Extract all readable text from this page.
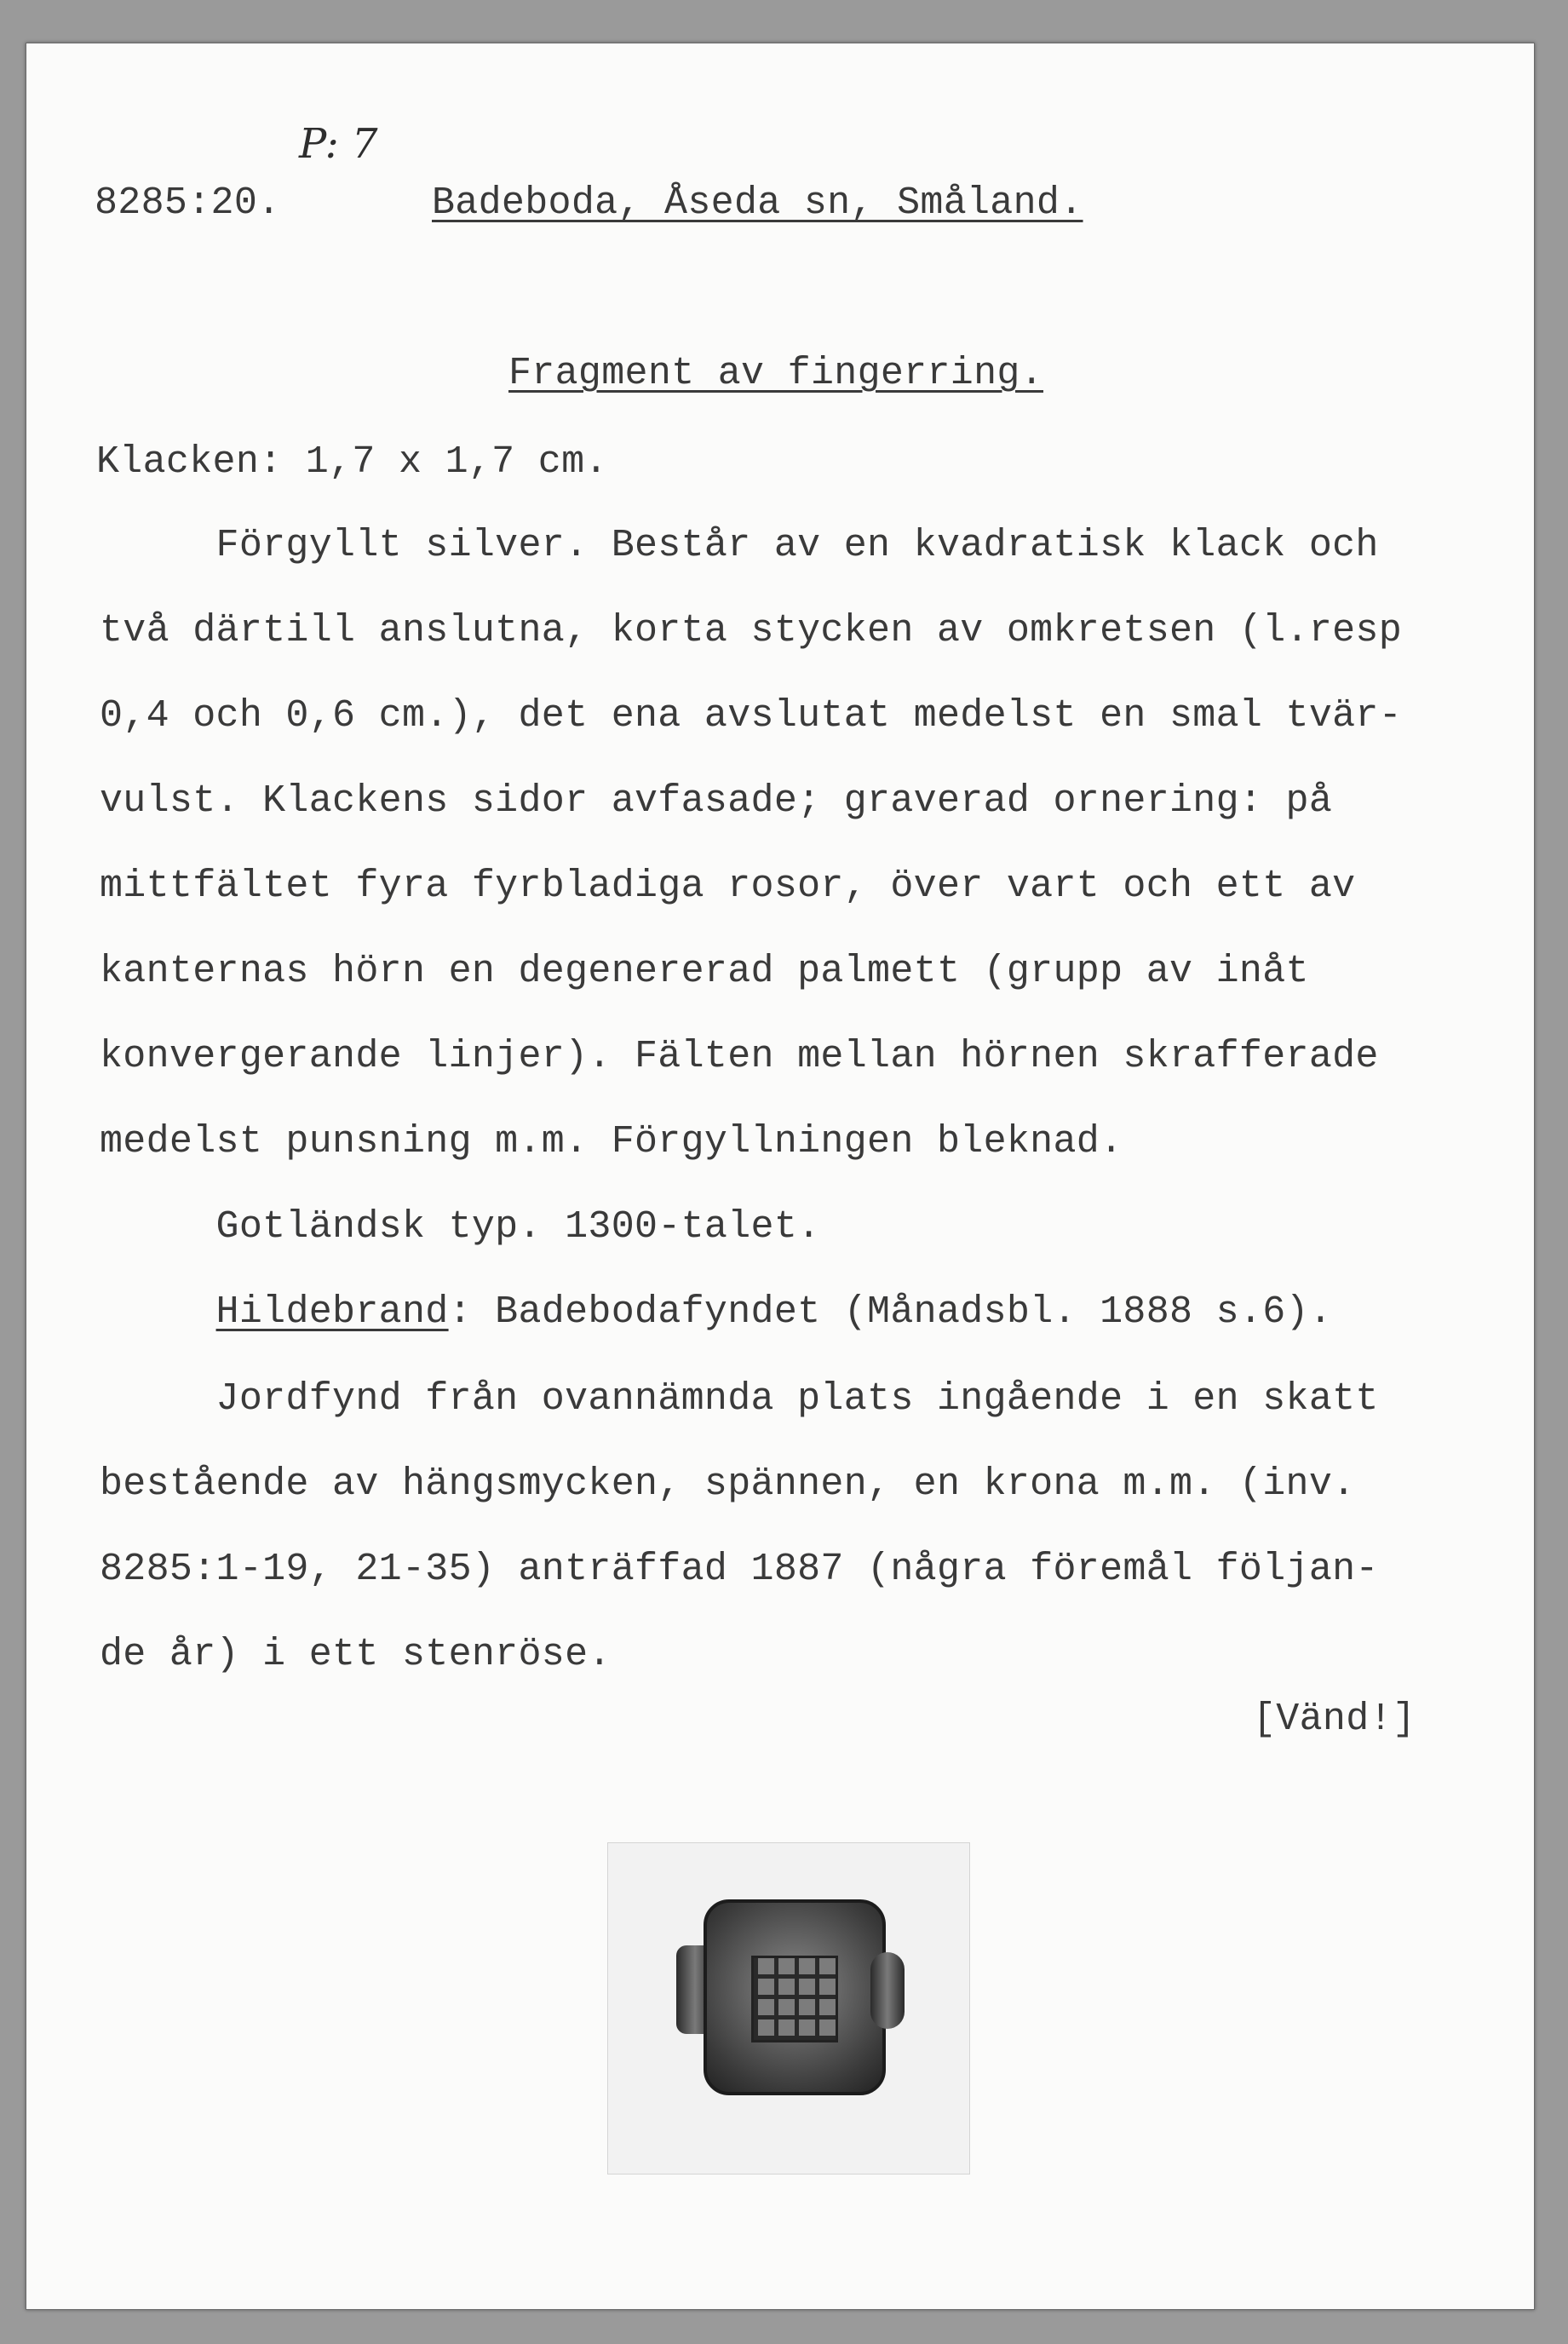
P: 7
8285:20.	Badeboda, Åseda sn, Småland.
Fragment av fingerring.
Klacken: 1,7 x 1,7 cm.
Förgyllt silver. Består av en kvadratisk klack och
två därtill anslutna, korta stycken av omkretsen (l.resp
0,4 och 0,6 cm.), det ena avslutat medelst en smal tvär-
vulst. Klackens sidor avfasade; graverad ornering: på
mittfältet fyra fyrbladiga rosor, över vart och ett av
kanternas hörn en degenererad palmett (grupp av inåt
konvergerande linjer). Fälten mellan hörnen skrafferade
medelst punsning m.m. Förgyllningen bleknad.
Gotländsk typ. 1300-talet.
Hildebrand: Badebodafyndet (Månadsbl. 1888 s.6).
Jordfynd från ovannämnda plats ingående i en skatt
bestående av hängsmycken, spännen, en krona m.m. (inv.
8285:1-19, 21-35) anträffad 1887 (några föremål följan-
de år) i ett stenröse.
[Vänd!]
